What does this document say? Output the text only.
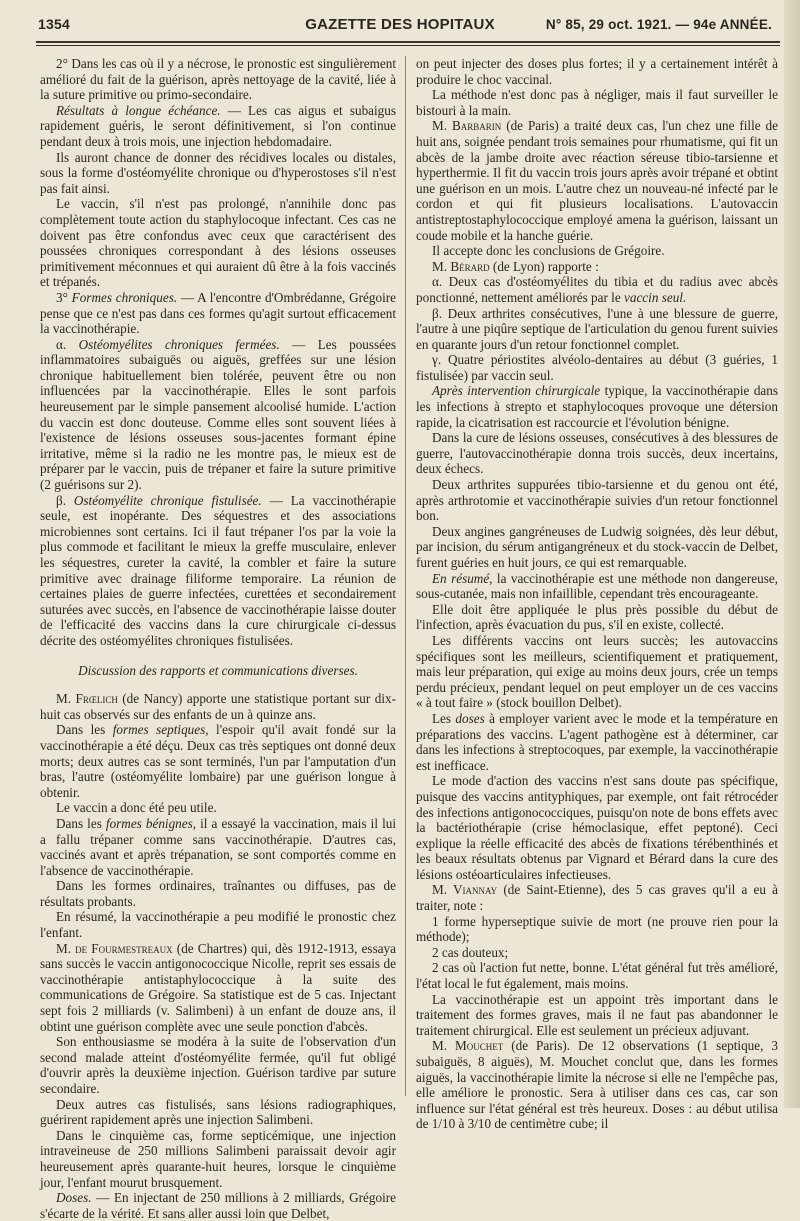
1354	GAZETTE DES HOPITAUX	N° 85, 29 oct. 1921. — 94e ANNÉE.

2° Dans les cas où il y a nécrose, le pronostic est singulièrement amélioré du fait de la guérison, après nettoyage de la cavité, liée à la suture primitive ou primo-secondaire.

Résultats à longue échéance. — Les cas aigus et subaigus rapidement guéris, le seront définitivement, si l'on continue pendant deux à trois mois, une injection hebdomadaire.

Ils auront chance de donner des récidives locales ou distales, sous la forme d'ostéomyélite chronique ou d'hyperostoses s'il n'est pas fait ainsi.

Le vaccin, s'il n'est pas prolongé, n'annihile donc pas complètement toute action du staphylocoque infectant. Ces cas ne doivent pas être confondus avec ceux que caractérisent des poussées chroniques correspondant à des lésions osseuses primitivement méconnues et qui auraient dû être à la fois vaccinés et trépanés.

3° Formes chroniques. — A l'encontre d'Ombrédanne, Grégoire pense que ce n'est pas dans ces formes qu'agit surtout efficacement la vaccinothérapie.

α. Ostéomyélites chroniques fermées. — Les poussées inflammatoires subaiguës ou aiguës, greffées sur une lésion chronique habituellement bien tolérée, peuvent être ou non influencées par la vaccinothérapie. Elles le sont parfois heureusement par le simple pansement alcoolisé humide. L'action du vaccin est donc douteuse. Comme elles sont souvent liées à l'existence de lésions osseuses sous-jacentes formant épine irritative, même si la radio ne les montre pas, le mieux est de préparer par le vaccin, puis de trépaner et faire la suture primitive (2 guérisons sur 2).

β. Ostéomyélite chronique fistulisée. — La vaccinothérapie seule, est inopérante. Des séquestres et des associations microbiennes sont certains. Ici il faut trépaner l'os par la voie la plus commode et facilitant le mieux la greffe musculaire, enlever les séquestres, cureter la cavité, la combler et faire la suture primitive avec drainage filiforme temporaire. La réunion de certaines plaies de guerre infectées, curettées et secondairement suturées avec succès, en l'absence de vaccinothérapie laisse douter de l'efficacité des vaccins dans la cure chirurgicale ci-dessus décrite des ostéomyélites chroniques fistulisées.

Discussion des rapports et communications diverses.

M. Frœlich (de Nancy) apporte une statistique portant sur dix-huit cas observés sur des enfants de un à quinze ans.

Dans les formes septiques, l'espoir qu'il avait fondé sur la vaccinothérapie a été déçu. Deux cas très septiques ont donné deux morts; deux autres cas se sont terminés, l'un par l'amputation d'un bras, l'autre (ostéomyélite lombaire) par une guérison longue à obtenir.

Le vaccin a donc été peu utile.

Dans les formes bénignes, il a essayé la vaccination, mais il lui a fallu trépaner comme sans vaccinothérapie. D'autres cas, vaccinés avant et après trépanation, se sont comportés comme en l'absence de vaccinothérapie.

Dans les formes ordinaires, traînantes ou diffuses, pas de résultats probants.

En résumé, la vaccinothérapie a peu modifié le pronostic chez l'enfant.

M. de Fourmestreaux (de Chartres) qui, dès 1912-1913, essaya sans succès le vaccin antigonococcique Nicolle, reprit ses essais de vaccinothérapie antistaphylococcique à la suite des communications de Grégoire. Sa statistique est de 5 cas. Injectant sept fois 2 milliards (v. Salimbeni) à un enfant de douze ans, il obtint une guérison complète avec une seule ponction d'abcès.

Son enthousiasme se modéra à la suite de l'observation d'un second malade atteint d'ostéomyélite fermée, qu'il fut obligé d'ouvrir après la deuxième injection. Guérison tardive par suture secondaire.

Deux autres cas fistulisés, sans lésions radiographiques, guérirent rapidement après une injection Salimbeni.

Dans le cinquième cas, forme septicémique, une injection intraveineuse de 250 millions Salimbeni paraissait devoir agir heureusement après quarante-huit heures, lorsque le cinquième jour, l'enfant mourut brusquement.

Doses. — En injectant de 250 millions à 2 milliards, Grégoire s'écarte de la vérité. Et sans aller aussi loin que Delbet,

on peut injecter des doses plus fortes; il y a certainement intérêt à produire le choc vaccinal.

La méthode n'est donc pas à négliger, mais il faut surveiller le bistouri à la main.

M. Barbarin (de Paris) a traité deux cas, l'un chez une fille de huit ans, soignée pendant trois semaines pour rhumatisme, qui fit un abcès de la jambe droite avec réaction séreuse tibio-tarsienne et hyperthermie. Il fit du vaccin trois jours après avoir trépané et obtint une guérison en un mois. L'autre chez un nouveau-né infecté par le cordon et qui fit plusieurs localisations. L'autovaccin antistreptostaphylococcique employé amena la guérison, laissant un coude mobile et la hanche guérie.

Il accepte donc les conclusions de Grégoire.

M. Bérard (de Lyon) rapporte :

α. Deux cas d'ostéomyélites du tibia et du radius avec abcès ponctionné, nettement améliorés par le vaccin seul.

β. Deux arthrites consécutives, l'une à une blessure de guerre, l'autre à une piqûre septique de l'articulation du genou furent suivies en quarante jours d'un retour fonctionnel complet.

γ. Quatre périostites alvéolo-dentaires au début (3 guéries, 1 fistulisée) par vaccin seul.

Après intervention chirurgicale typique, la vaccinothérapie dans les infections à strepto et staphylocoques provoque une détersion rapide, la cicatrisation est raccourcie et l'évolution bénigne.

Dans la cure de lésions osseuses, consécutives à des blessures de guerre, l'autovaccinothérapie donna trois succès, deux incertains, deux échecs.

Deux arthrites suppurées tibio-tarsienne et du genou ont été, après arthrotomie et vaccinothérapie suivies d'un retour fonctionnel bon.

Deux angines gangréneuses de Ludwig soignées, dès leur début, par incision, du sérum antigangréneux et du stock-vaccin de Delbet, furent guéries en huit jours, ce qui est remarquable.

En résumé, la vaccinothérapie est une méthode non dangereuse, sous-cutanée, mais non infaillible, cependant très encourageante.

Elle doit être appliquée le plus près possible du début de l'infection, après évacuation du pus, s'il en existe, collecté.

Les différents vaccins ont leurs succès; les autovaccins spécifiques sont les meilleurs, scientifiquement et pratiquement, mais leur préparation, qui exige au moins deux jours, crée un temps perdu précieux, pendant lequel on peut employer un de ces vaccins « à tout faire » (stock bouillon Delbet).

Les doses à employer varient avec le mode et la température en préparations des vaccins. L'agent pathogène est à déterminer, car dans les infections à streptocoques, par exemple, la vaccinothérapie est inefficace.

Le mode d'action des vaccins n'est sans doute pas spécifique, puisque des vaccins antityphiques, par exemple, ont fait rétrocéder des infections antigonococciques, puisqu'on note de bons effets avec la bactériothérapie (crise hémoclasique, effet peptoné). Ceci explique la réelle efficacité des abcès de fixations térébenthinés et les beaux résultats obtenus par Vignard et Bérard dans la cure des lésions ostéoarticulaires infectieuses.

M. Viannay (de Saint-Etienne), des 5 cas graves qu'il a eu à traiter, note :

1 forme hyperseptique suivie de mort (ne prouve rien pour la méthode);

2 cas douteux;

2 cas où l'action fut nette, bonne. L'état général fut très amélioré, l'état local le fut également, mais moins.

La vaccinothérapie est un appoint très important dans le traitement des formes graves, mais il ne faut pas abandonner le traitement chirurgical. Elle est seulement un précieux adjuvant.

M. Mouchet (de Paris). De 12 observations (1 septique, 3 subaiguës, 8 aiguës), M. Mouchet conclut que, dans les formes aiguës, la vaccinothérapie limite la nécrose si elle ne l'empêche pas, elle améliore le pronostic. Sera à utiliser dans ces cas, car son influence sur l'état général est très heureux. Doses : au début utilisa de 1/10 à 3/10 de centimètre cube; il
